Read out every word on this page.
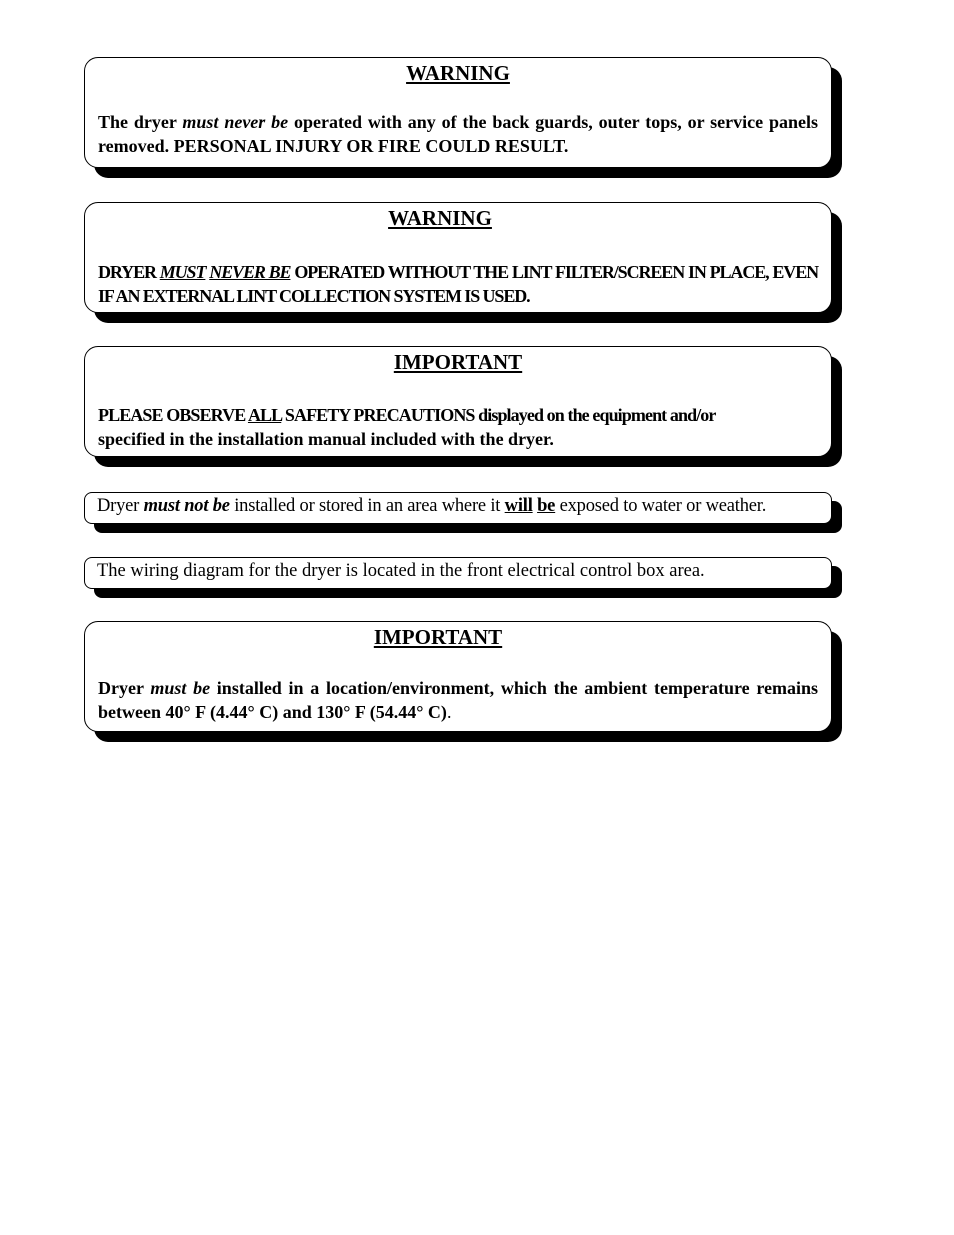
WARNING

The dryer must never be operated with any of the back guards, outer tops, or service panels removed. PERSONAL INJURY OR FIRE COULD RESULT.

WARNING

DRYER MUST NEVER BE OPERATED WITHOUT THE LINT FILTER/SCREEN IN PLACE, EVEN IF AN EXTERNAL LINT COLLECTION SYSTEM IS USED.

IMPORTANT

PLEASE OBSERVE ALL SAFETY PRECAUTIONS displayed on the equipment and/or
specified in the installation manual included with the dryer.

Dryer must not be installed or stored in an area where it will be exposed to water or weather.

The wiring diagram for the dryer is located in the front electrical control box area.

IMPORTANT

Dryer must be installed in a location/environment, which the ambient temperature remains between 40° F (4.44° C) and 130° F (54.44° C).
